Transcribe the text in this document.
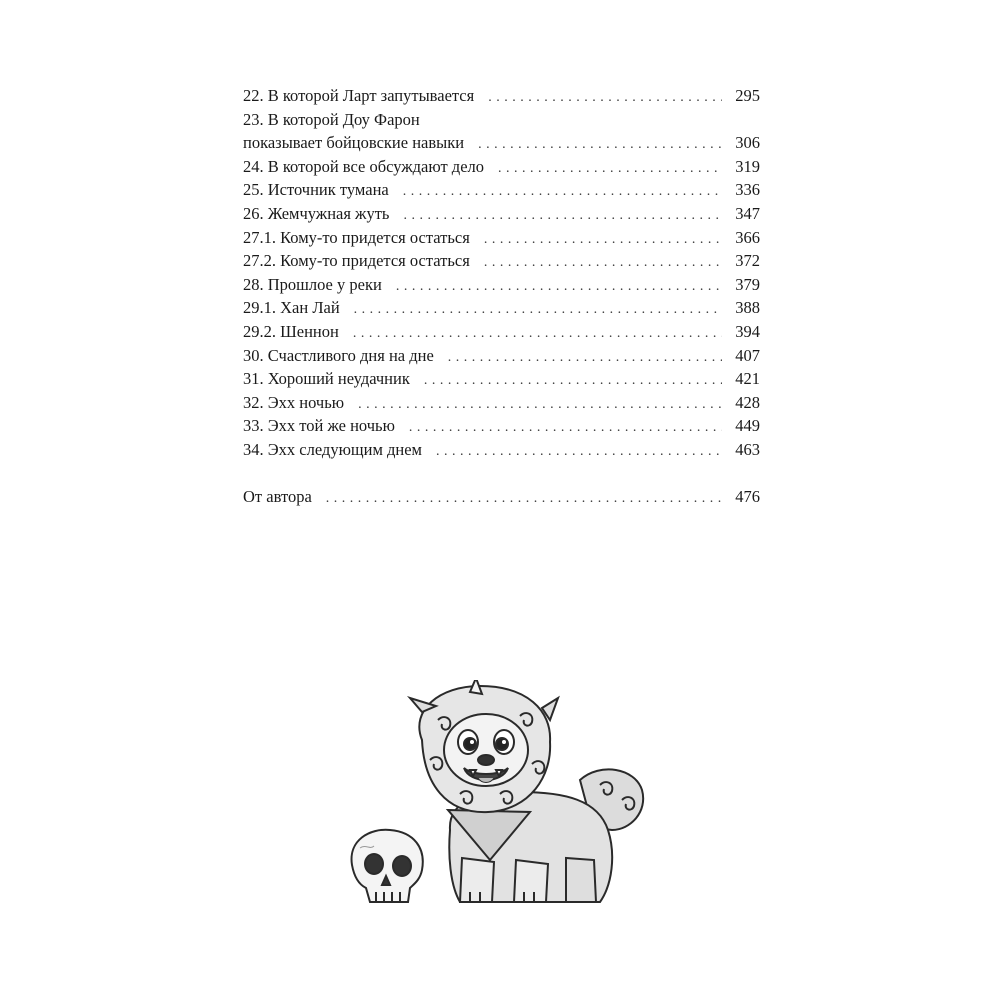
22. В которой Ларт запутывается . . .	295
23. В которой Доу Фарон
показывает бойцовские навыки . . .	306
24. В которой все обсуждают дело . . .	319
25. Источник тумана . . .	336
26. Жемчужная жуть . . .	347
27.1. Кому-то придется остаться . . .	366
27.2. Кому-то придется остаться . . .	372
28. Прошлое у реки . . .	379
29.1. Хан Лай . . .	388
29.2. Шеннон . . .	394
30. Счастливого дня на дне . . .	407
31. Хороший неудачник . . .	421
32. Эхх ночью . . .	428
33. Эхх той же ночью . . .	449
34. Эхх следующим днем . . .	463
От автора . . .	476
